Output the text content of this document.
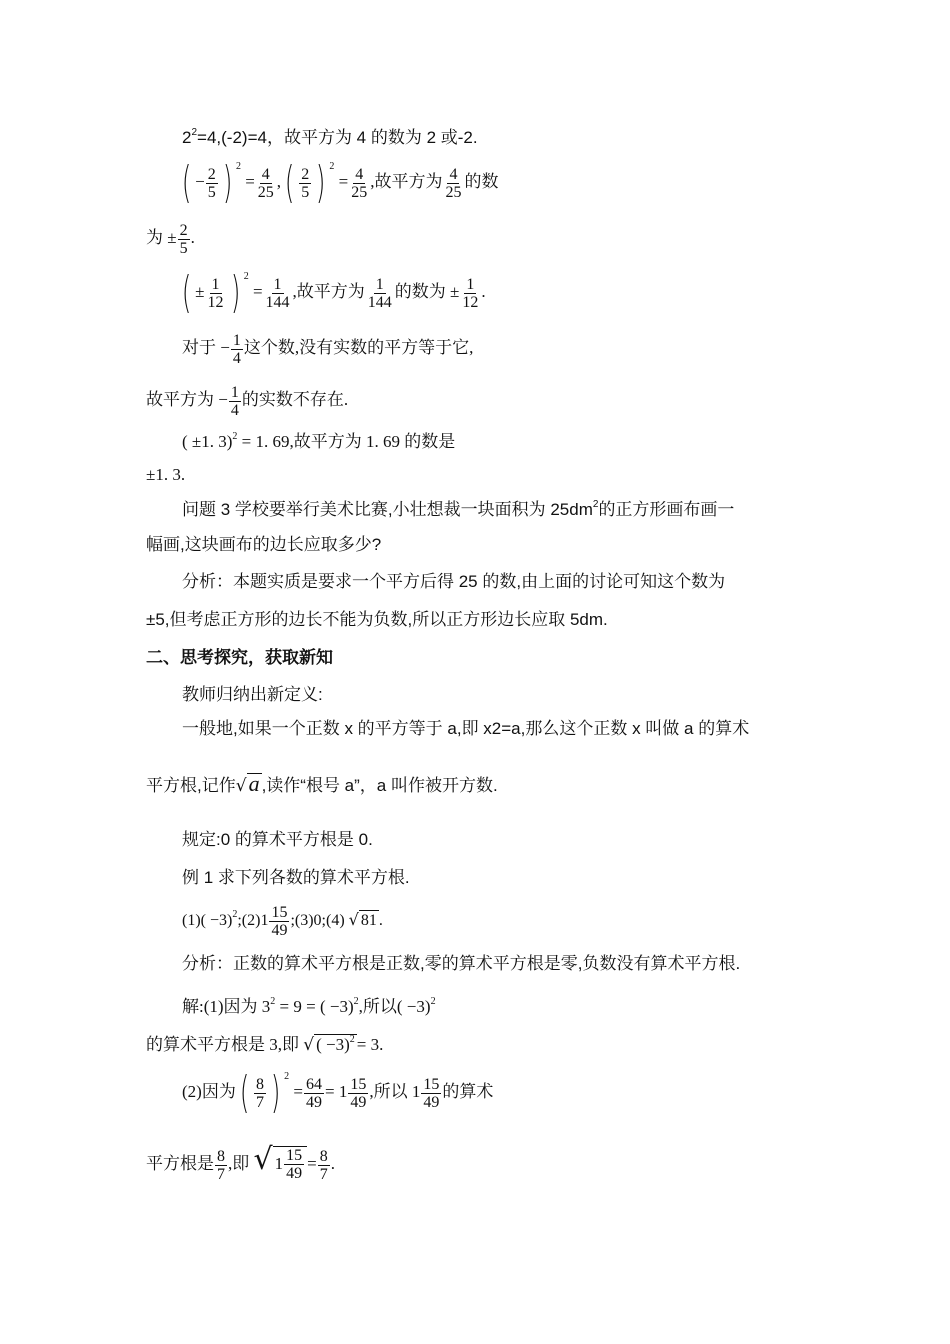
$2^2=4,(-2)=4$，故平方为 4 的数为 2 或-2.
( − $\frac{2}{5}$ ) $^2 = \frac{4}{25}$ ,( $\frac{2}{5}$ ) $^2 = \frac{4}{25}$ ,故平方为 $\frac{4}{25}$ 的数
为 ± $\frac{2}{5}$ .
( ± $\frac{1}{12}$ ) $^2 = \frac{1}{144}$ ,故平方为 $\frac{1}{144}$ 的数为 ± $\frac{1}{12}$ .
对于 − $\frac{1}{4}$ 这个数,没有实数的平方等于它,
故平方为 − $\frac{1}{4}$ 的实数不存在.
( ±1. 3)$^2$ = 1. 69,故平方为 1. 69 的数是
±1. 3.
问题 3 学校要举行美术比赛,小壮想裁一块面积为 $25dm^2$的正方形画布画一
幅画,这块画布的边长应取多少?
分析：本题实质是要求一个平方后得 25 的数,由上面的讨论可知这个数为
±5,但考虑正方形的边长不能为负数,所以正方形边长应取 5dm.
二、思考探究，获取新知
教师归纳出新定义:
一般地,如果一个正数 x 的平方等于 a,即 x2=a,那么这个正数 x 叫做 a 的算术
平方根,记作√a ,读作“根号 a”，a 叫作被开方数.
规定:0 的算术平方根是 0.
例 1 求下列各数的算术平方根.
$(1)( -3)^2;(2)1 \frac{15}{49}$ ;(3)0;(4) √ 81 .
分析：正数的算术平方根是正数,零的算术平方根是零,负数没有算术平方根.
解:(1)因为 $3^2 = 9$ = ( −3)$^2$,所以( −3)$^2$
的算术平方根是 3,即 √ ( −3)$^2$ = 3.
(2)因为( $\frac{8}{7}$ ) $^2 = \frac{64}{49} = 1 \frac{15}{49}$ ,所以 $1 \frac{15}{49}$ 的算术
平方根是 $\frac{8}{7}$ ,即 √ $1 \frac{15}{49} = \frac{8}{7}$ .
